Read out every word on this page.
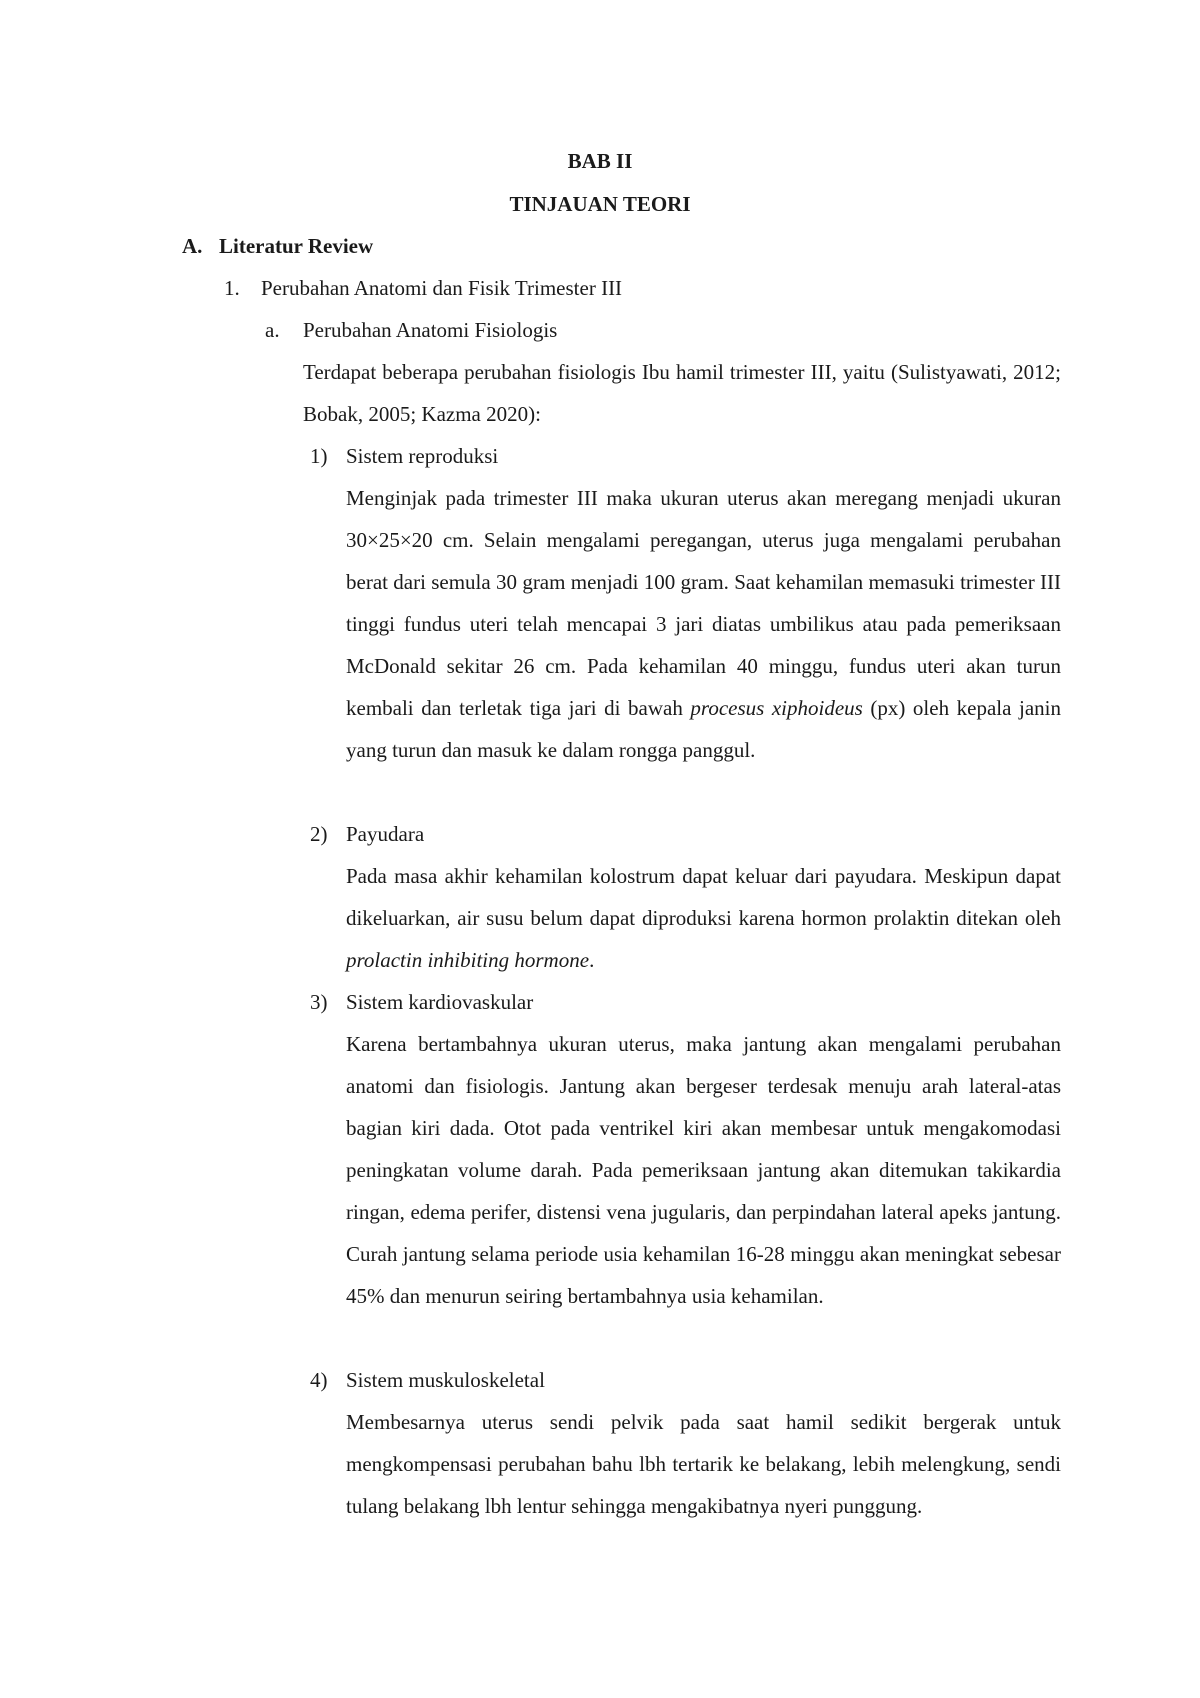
BAB II
TINJAUAN TEORI
A. Literatur Review
1. Perubahan Anatomi dan Fisik Trimester III
a. Perubahan Anatomi Fisiologis

Terdapat beberapa perubahan fisiologis Ibu hamil trimester III, yaitu (Sulistyawati, 2012; Bobak, 2005; Kazma 2020):

1) Sistem reproduksi

Menginjak pada trimester III maka ukuran uterus akan meregang menjadi ukuran 30×25×20 cm. Selain mengalami peregangan, uterus juga mengalami perubahan berat dari semula 30 gram menjadi 100 gram. Saat kehamilan memasuki trimester III tinggi fundus uteri telah mencapai 3 jari diatas umbilikus atau pada pemeriksaan McDonald sekitar 26 cm. Pada kehamilan 40 minggu, fundus uteri akan turun kembali dan terletak tiga jari di bawah procesus xiphoideus (px) oleh kepala janin yang turun dan masuk ke dalam rongga panggul.

2) Payudara

Pada masa akhir kehamilan kolostrum dapat keluar dari payudara. Meskipun dapat dikeluarkan, air susu belum dapat diproduksi karena hormon prolaktin ditekan oleh prolactin inhibiting hormone.

3) Sistem kardiovaskular

Karena bertambahnya ukuran uterus, maka jantung akan mengalami perubahan anatomi dan fisiologis. Jantung akan bergeser terdesak menuju arah lateral-atas bagian kiri dada. Otot pada ventrikel kiri akan membesar untuk mengakomodasi peningkatan volume darah. Pada pemeriksaan jantung akan ditemukan takikardia ringan, edema perifer, distensi vena jugularis, dan perpindahan lateral apeks jantung. Curah jantung selama periode usia kehamilan 16-28 minggu akan meningkat sebesar 45% dan menurun seiring bertambahnya usia kehamilan.

4) Sistem muskuloskeletal

Membesarnya uterus sendi pelvik pada saat hamil sedikit bergerak untuk mengkompensasi perubahan bahu lbh tertarik ke belakang, lebih melengkung, sendi tulang belakang lbh lentur sehingga mengakibatnya nyeri punggung.
